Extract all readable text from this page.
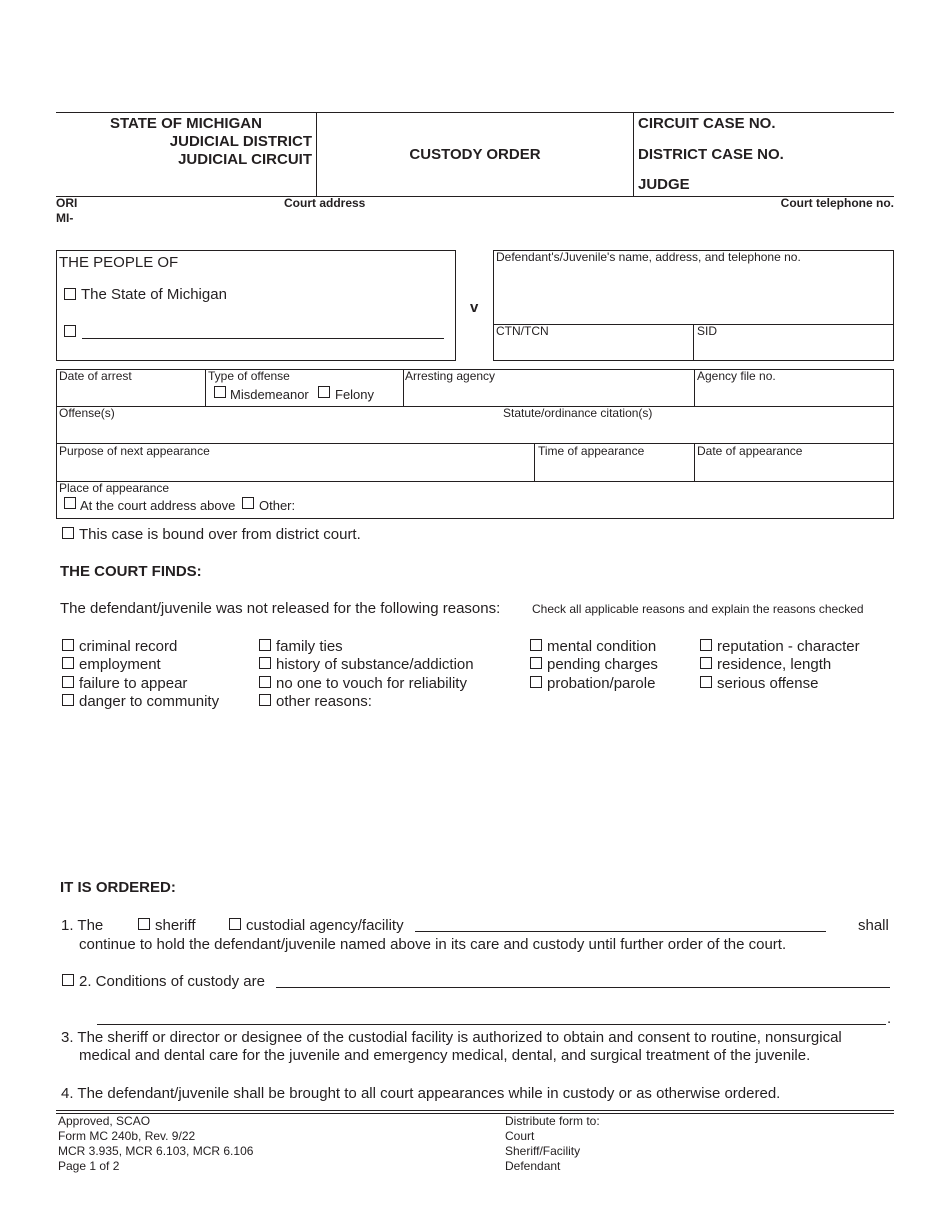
STATE OF MICHIGAN
JUDICIAL DISTRICT
JUDICIAL CIRCUIT	CUSTODY ORDER
CIRCUIT CASE NO.
DISTRICT CASE NO.
JUDGE
ORI
MI-
Court address	Court telephone no.
THE PEOPLE OF
The State of Michigan
v
Defendant's/Juvenile's name, address, and telephone no.
CTN/TCN	SID
Date of arrest	Type of offense
Misdemeanor Felony
Arresting agency	Agency file no.
Offense(s)	Statute/ordinance citation(s)
Purpose of next appearance	Time of appearance	Date of appearance
Place of appearance
At the court address above Other:
This case is bound over from district court.
THE COURT FINDS:
The defendant/juvenile was not released for the following reasons:	Check all applicable reasons and explain the reasons checked
criminal record
employment
failure to appear
danger to community
family ties
history of substance/addiction
no one to vouch for reliability
other reasons:
mental condition
pending charges
probation/parole
reputation - character
residence, length
serious offense
IT IS ORDERED:
1. The	sheriff	custodial agency/facility	shall
continue to hold the defendant/juvenile named above in its care and custody until further order of the court.
2. Conditions of custody are
.
3. The sheriff or director or designee of the custodial facility is authorized to obtain and consent to routine, nonsurgical
medical and dental care for the juvenile and emergency medical, dental, and surgical treatment of the juvenile.
4. The defendant/juvenile shall be brought to all court appearances while in custody or as otherwise ordered.
Approved, SCAO
Form MC 240b, Rev. 9/22
MCR 3.935, MCR 6.103, MCR 6.106
Page 1 of 2
Distribute form to:
Court
Sheriff/Facility
Defendant
